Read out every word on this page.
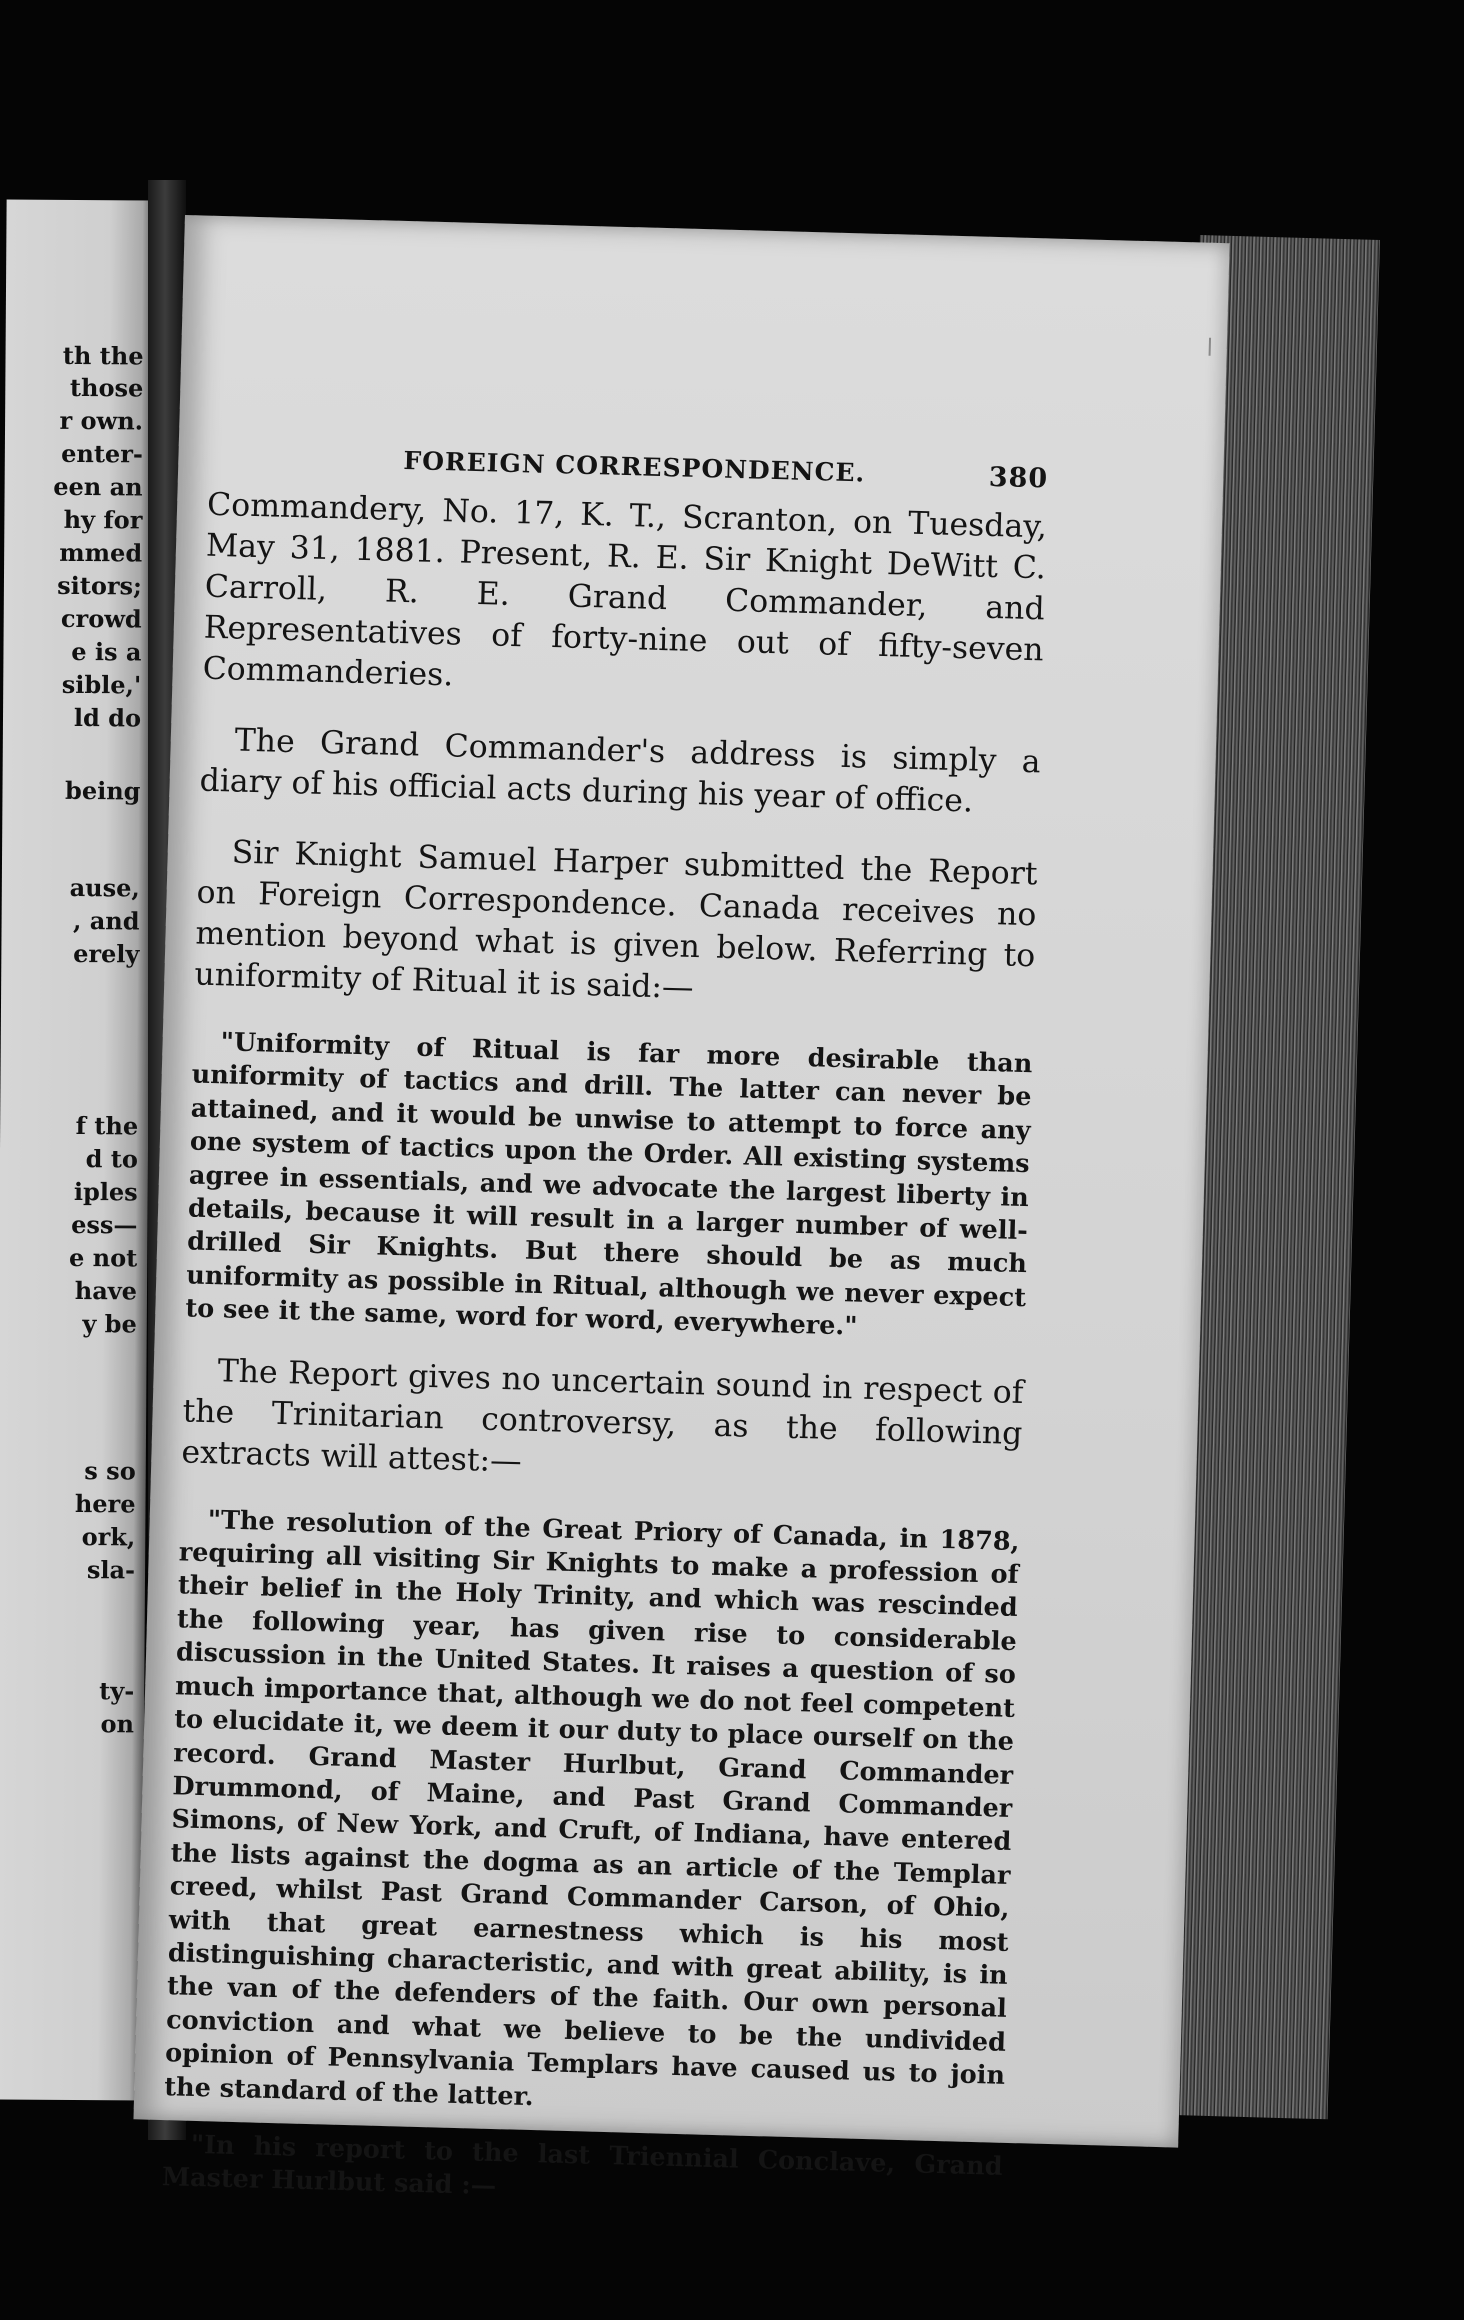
th the
those
r own.
enter-
een an
hy for
mmed
sitors;
crowd
e is a
sible,'
ld do
being
ause,
, and
erely
f the
d to
iples
ess—
e not
have
y be
s so
here
ork,
sla-
ty-
on
FOREIGN CORRESPONDENCE.	380

Commandery, No. 17, K. T., Scranton, on Tuesday, May 31, 1881. Present, R. E. Sir Knight DeWitt C. Carroll, R. E. Grand Commander, and Representatives of forty-nine out of fifty-seven Commanderies.

The Grand Commander's address is simply a diary of his official acts during his year of office.

Sir Knight Samuel Harper submitted the Report on Foreign Correspondence. Canada receives no mention beyond what is given below. Referring to uniformity of Ritual it is said:—

"Uniformity of Ritual is far more desirable than uniformity of tactics and drill. The latter can never be attained, and it would be unwise to attempt to force any one system of tactics upon the Order. All existing systems agree in essentials, and we advocate the largest liberty in details, because it will result in a larger number of well-drilled Sir Knights. But there should be as much uniformity as possible in Ritual, although we never expect to see it the same, word for word, everywhere."

The Report gives no uncertain sound in respect of the Trinitarian controversy, as the following extracts will attest:—

"The resolution of the Great Priory of Canada, in 1878, requiring all visiting Sir Knights to make a profession of their belief in the Holy Trinity, and which was rescinded the following year, has given rise to considerable discussion in the United States. It raises a question of so much importance that, although we do not feel competent to elucidate it, we deem it our duty to place ourself on the record. Grand Master Hurlbut, Grand Commander Drummond, of Maine, and Past Grand Commander Simons, of New York, and Cruft, of Indiana, have entered the lists against the dogma as an article of the Templar creed, whilst Past Grand Commander Carson, of Ohio, with that great earnestness which is his most distinguishing characteristic, and with great ability, is in the van of the defenders of the faith. Our own personal conviction and what we believe to be the undivided opinion of Pennsylvania Templars have caused us to join the standard of the latter.

"In his report to the last Triennial Conclave, Grand Master Hurlbut said :—
